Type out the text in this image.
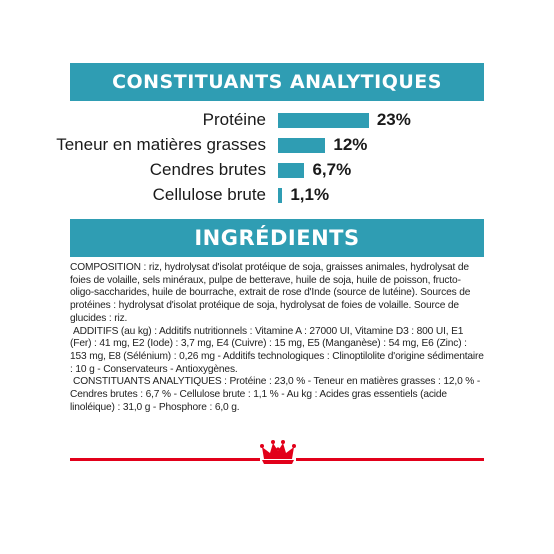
CONSTITUANTS ANALYTIQUES
Protéine	23%
Teneur en matières grasses	12%
Cendres brutes	6,7%
Cellulose brute 1,1%
INGRÉDIENTS
COMPOSITION : riz, hydrolysat d'isolat protéique de soja, graisses animales, hydrolysat de foies de volaille, sels minéraux, pulpe de betterave, huile de soja, huile de poisson, fructo-oligo-saccharides, huile de bourrache, extrait de rose d'Inde (source de lutéine). Sources de protéines : hydrolysat d'isolat protéique de soja, hydrolysat de foies de volaille. Source de glucides : riz.
ADDITIFS (au kg) : Additifs nutritionnels : Vitamine A : 27000 UI, Vitamine D3 : 800 UI, E1 (Fer) : 41 mg, E2 (Iode) : 3,7 mg, E4 (Cuivre) : 15 mg, E5 (Manganèse) : 54 mg, E6 (Zinc) : 153 mg, E8 (Sélénium) : 0,26 mg - Additifs technologiques : Clinoptilolite d'origine sédimentaire : 10 g - Conservateurs - Antioxygènes.
CONSTITUANTS ANALYTIQUES : Protéine : 23,0 % - Teneur en matières grasses : 12,0 % - Cendres brutes : 6,7 % - Cellulose brute : 1,1 % - Au kg : Acides gras essentiels (acide linoléique) : 31,0 g - Phosphore : 6,0 g.
